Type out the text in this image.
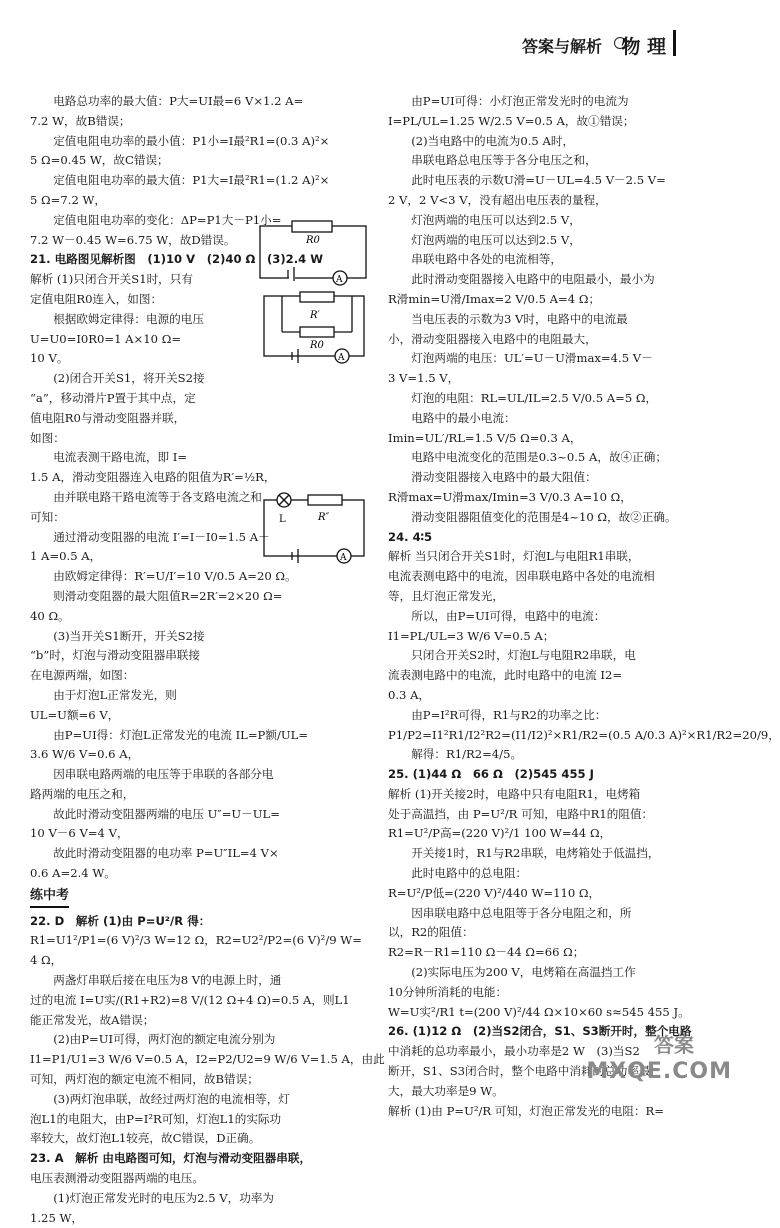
答案与解析 物 理
　　电路总功率的最大值：P大=UI最=6 V×1.2 A=
7.2 W，故B错误；
　　定值电阻电功率的最小值：P1小=I最²R1=(0.3 A)²×
5 Ω=0.45 W，故C错误；
　　定值电阻电功率的最大值：P1大=I最²R1=(1.2 A)²×
5 Ω=7.2 W，
　　定值电阻电功率的变化：ΔP=P1大－P1小=
7.2 W－0.45 W=6.75 W，故D错误。
21. 电路图见解析图　(1)10 V　(2)40 Ω　(3)2.4 W
解析 (1)只闭合开关S1时，只有
定值电阻R0连入，如图：
　　根据欧姆定律得：电源的电压
U=U0=I0R0=1 A×10 Ω=
10 V。
　　(2)闭合开关S1，将开关S2接
“a”，移动滑片P置于其中点，定
值电阻R0与滑动变阻器并联，
如图：
　　电流表测干路电流，即 I=
1.5 A，滑动变阻器连入电路的阻值为R′=½R，
　　由并联电路干路电流等于各支路电流之和
可知：
　　通过滑动变阻器的电流 I′=I－I0=1.5 A－
1 A=0.5 A，
　　由欧姆定律得：R′=U/I′=10 V/0.5 A=20 Ω。
　　则滑动变阻器的最大阻值R=2R′=2×20 Ω=
40 Ω。
　　(3)当开关S1断开，开关S2接
“b”时，灯泡与滑动变阻器串联接
在电源两端，如图：
　　由于灯泡L正常发光，则
UL=U额=6 V，
　　由P=UI得：灯泡L正常发光的电流 IL=P额/UL=
3.6 W/6 V=0.6 A，
　　因串联电路两端的电压等于串联的各部分电
路两端的电压之和，
　　故此时滑动变阻器两端的电压 U″=U－UL=
10 V－6 V=4 V，
　　故此时滑动变阻器的电功率 P=U″IL=4 V×
0.6 A=2.4 W。
练中考
22. D　解析 (1)由 P=U²/R 得：
R1=U1²/P1=(6 V)²/3 W=12 Ω，R2=U2²/P2=(6 V)²/9 W=
4 Ω，
　　两盏灯串联后接在电压为8 V的电源上时，通
过的电流 I=U实/(R1+R2)=8 V/(12 Ω+4 Ω)=0.5 A，则L1
能正常发光，故A错误；
　　(2)由P=UI可得，两灯泡的额定电流分别为
I1=P1/U1=3 W/6 V=0.5 A，I2=P2/U2=9 W/6 V=1.5 A，由此
可知，两灯泡的额定电流不相同，故B错误；
　　(3)两灯泡串联，故经过两灯泡的电流相等，灯
泡L1的电阻大，由P=I²R可知，灯泡L1的实际功
率较大，故灯泡L1较亮，故C错误，D正确。
23. A　解析 由电路图可知，灯泡与滑动变阻器串联，
电压表测滑动变阻器两端的电压。
　　(1)灯泡正常发光时的电压为2.5 V，功率为
1.25 W，
　　由P=UI可得：小灯泡正常发光时的电流为
I=PL/UL=1.25 W/2.5 V=0.5 A，故①错误；
　　(2)当电路中的电流为0.5 A时，
　　串联电路总电压等于各分电压之和，
　　此时电压表的示数U滑=U－UL=4.5 V－2.5 V=
2 V，2 V<3 V，没有超出电压表的量程，
　　灯泡两端的电压可以达到2.5 V，
　　灯泡两端的电压可以达到2.5 V，
　　串联电路中各处的电流相等，
　　此时滑动变阻器接入电路中的电阻最小，最小为
R滑min=U滑/Imax=2 V/0.5 A=4 Ω；
　　当电压表的示数为3 V时，电路中的电流最
小，滑动变阻器接入电路中的电阻最大，
　　灯泡两端的电压：UL′=U－U滑max=4.5 V－
3 V=1.5 V，
　　灯泡的电阻：RL=UL/IL=2.5 V/0.5 A=5 Ω，
　　电路中的最小电流：
Imin=UL′/RL=1.5 V/5 Ω=0.3 A，
　　电路中电流变化的范围是0.3~0.5 A，故④正确；
　　滑动变阻器接入电路中的最大阻值：
R滑max=U滑max/Imin=3 V/0.3 A=10 Ω，
　　滑动变阻器阻值变化的范围是4~10 Ω，故②正确。
24. 4∶5
解析 当只闭合开关S1时，灯泡L与电阻R1串联，
电流表测电路中的电流，因串联电路中各处的电流相
等，且灯泡正常发光，
　　所以，由P=UI可得，电路中的电流：
I1=PL/UL=3 W/6 V=0.5 A；
　　只闭合开关S2时，灯泡L与电阻R2串联，电
流表测电路中的电流，此时电路中的电流 I2=
0.3 A，
　　由P=I²R可得，R1与R2的功率之比：
P1/P2=I1²R1/I2²R2=(I1/I2)²×R1/R2=(0.5 A/0.3 A)²×R1/R2=20/9，
　　解得：R1/R2=4/5。
25. (1)44 Ω　66 Ω　(2)545 455 J
解析 (1)开关接2时，电路中只有电阻R1，电烤箱
处于高温挡，由 P=U²/R 可知，电路中R1的阻值：
R1=U²/P高=(220 V)²/1 100 W=44 Ω，
　　开关接1时，R1与R2串联，电烤箱处于低温挡，
　　此时电路中的总电阻：
R=U²/P低=(220 V)²/440 W=110 Ω，
　　因串联电路中总电阻等于各分电阻之和，所
以，R2的阻值：
R2=R－R1=110 Ω－44 Ω=66 Ω；
　　(2)实际电压为200 V，电烤箱在高温挡工作
10分钟所消耗的电能：
W=U实²/R1 t=(200 V)²/44 Ω×10×60 s≈545 455 J。
26. (1)12 Ω　(2)当S2闭合，S1、S3断开时，整个电路
中消耗的总功率最小，最小功率是2 W　(3)当S2
断开，S1、S3闭合时，整个电路中消耗的总功率最
大，最大功率是9 W。
解析 (1)由 P=U²/R 可知，灯泡正常发光的电阻：R=
R0
A
R′
R0
A
L	R″
A
答案
MXQE.COM
